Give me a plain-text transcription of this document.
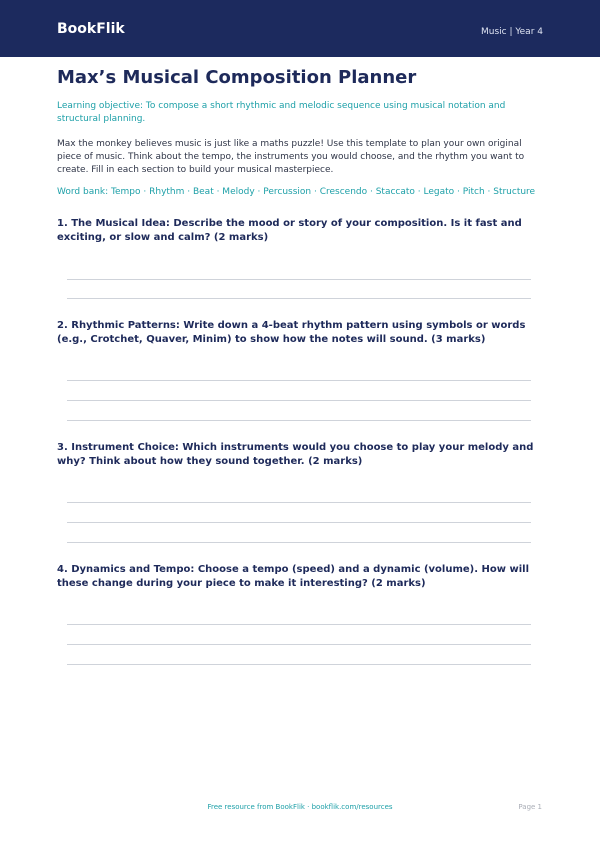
BookFlik	Music | Year 4
Max’s Musical Composition Planner

Learning objective: To compose a short rhythmic and melodic sequence using musical notation and structural planning.

Max the monkey believes music is just like a maths puzzle! Use this template to plan your own original piece of music. Think about the tempo, the instruments you would choose, and the rhythm you want to create. Fill in each section to build your musical masterpiece.

Word bank: Tempo · Rhythm · Beat · Melody · Percussion · Crescendo · Staccato · Legato · Pitch · Structure

1. The Musical Idea: Describe the mood or story of your composition. Is it fast and exciting, or slow and calm? (2 marks)

2. Rhythmic Patterns: Write down a 4-beat rhythm pattern using symbols or words (e.g., Crotchet, Quaver, Minim) to show how the notes will sound. (3 marks)

3. Instrument Choice: Which instruments would you choose to play your melody and why? Think about how they sound together. (2 marks)

4. Dynamics and Tempo: Choose a tempo (speed) and a dynamic (volume). How will these change during your piece to make it interesting? (2 marks)

Free resource from BookFlik · bookflik.com/resources	Page 1
